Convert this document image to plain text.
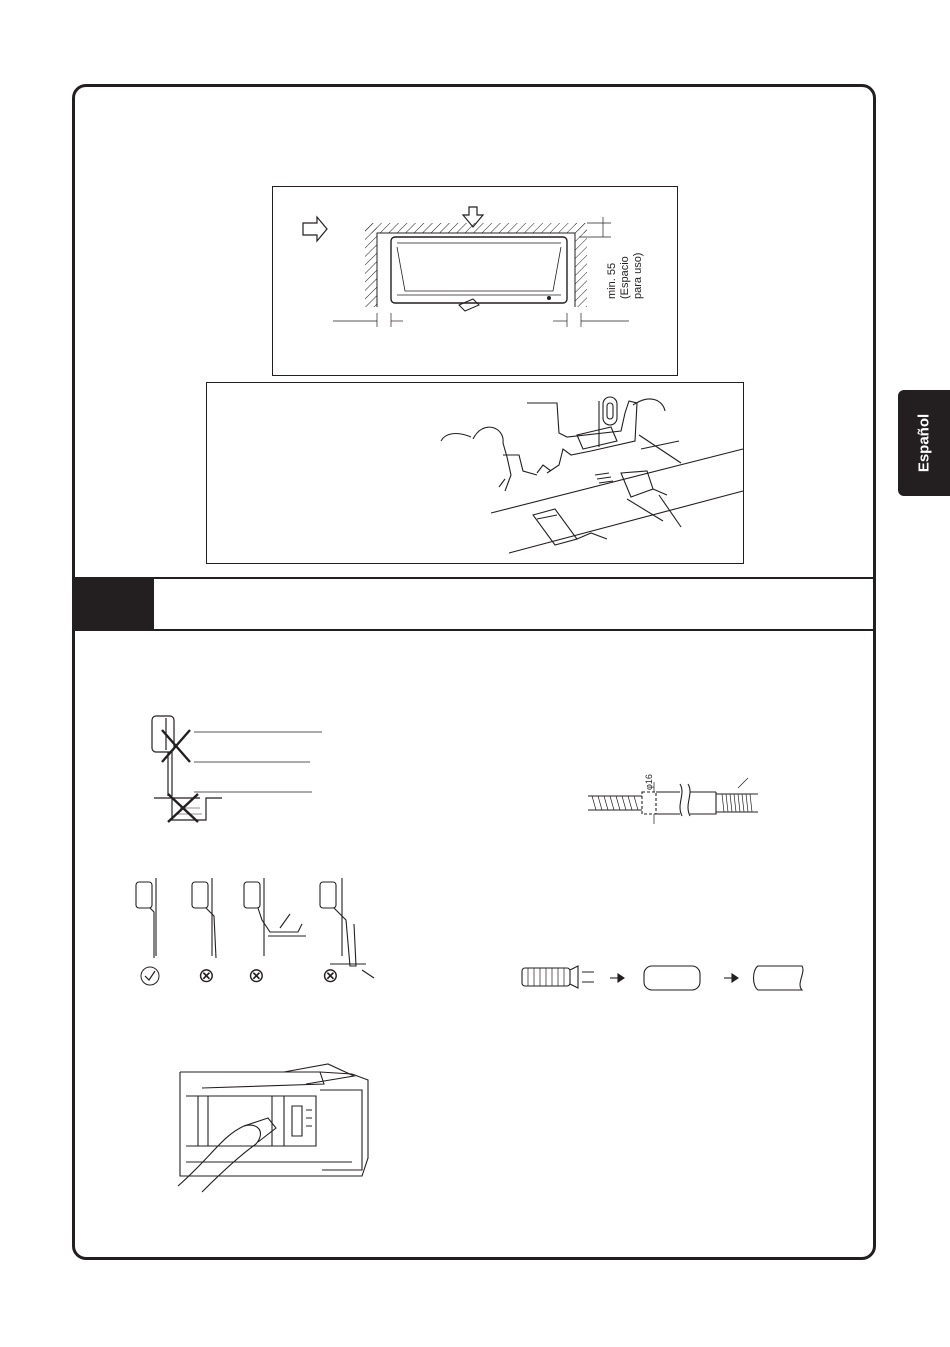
Español
min. 55 (Espacio para uso)
⊗ ⊗	⊗
φ16
